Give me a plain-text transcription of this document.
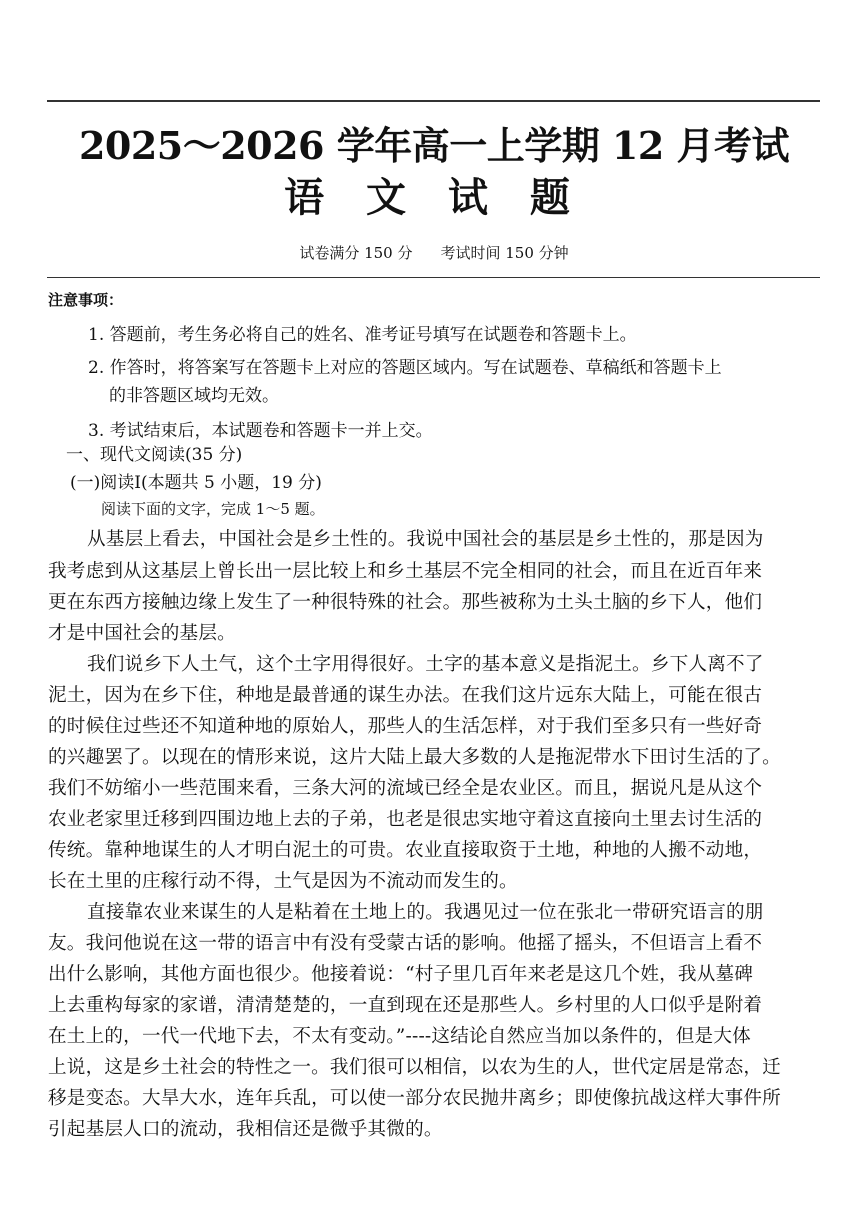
2025～2026 学年高一上学期 12 月考试
语 文 试 题
试卷满分 150 分 考试时间 150 分钟
注意事项：
1. 答题前，考生务必将自己的姓名、准考证号填写在试题卷和答题卡上。
2. 作答时，将答案写在答题卡上对应的答题区域内。写在试题卷、草稿纸和答题卡上
的非答题区域均无效。
3. 考试结束后，本试题卷和答题卡一并上交。
一、现代文阅读(35 分)
(一)阅读Ⅰ(本题共 5 小题，19 分)
阅读下面的文字，完成 1～5 题。
从基层上看去，中国社会是乡土性的。我说中国社会的基层是乡土性的，那是因为
我考虑到从这基层上曾长出一层比较上和乡土基层不完全相同的社会，而且在近百年来
更在东西方接触边缘上发生了一种很特殊的社会。那些被称为土头土脑的乡下人，他们
才是中国社会的基层。
我们说乡下人土气，这个土字用得很好。土字的基本意义是指泥土。乡下人离不了
泥土，因为在乡下住，种地是最普通的谋生办法。在我们这片远东大陆上，可能在很古
的时候住过些还不知道种地的原始人，那些人的生活怎样，对于我们至多只有一些好奇
的兴趣罢了。以现在的情形来说，这片大陆上最大多数的人是拖泥带水下田讨生活的了。
我们不妨缩小一些范围来看，三条大河的流域已经全是农业区。而且，据说凡是从这个
农业老家里迁移到四围边地上去的子弟，也老是很忠实地守着这直接向土里去讨生活的
传统。靠种地谋生的人才明白泥土的可贵。农业直接取资于土地，种地的人搬不动地，
长在土里的庄稼行动不得，土气是因为不流动而发生的。
直接靠农业来谋生的人是粘着在土地上的。我遇见过一位在张北一带研究语言的朋
友。我问他说在这一带的语言中有没有受蒙古话的影响。他摇了摇头，不但语言上看不
出什么影响，其他方面也很少。他接着说：“村子里几百年来老是这几个姓，我从墓碑
上去重构每家的家谱，清清楚楚的，一直到现在还是那些人。乡村里的人口似乎是附着
在土上的，一代一代地下去，不太有变动。”----这结论自然应当加以条件的，但是大体
上说，这是乡土社会的特性之一。我们很可以相信，以农为生的人，世代定居是常态，迁
移是变态。大旱大水，连年兵乱，可以使一部分农民抛井离乡；即使像抗战这样大事件所
引起基层人口的流动，我相信还是微乎其微的。
